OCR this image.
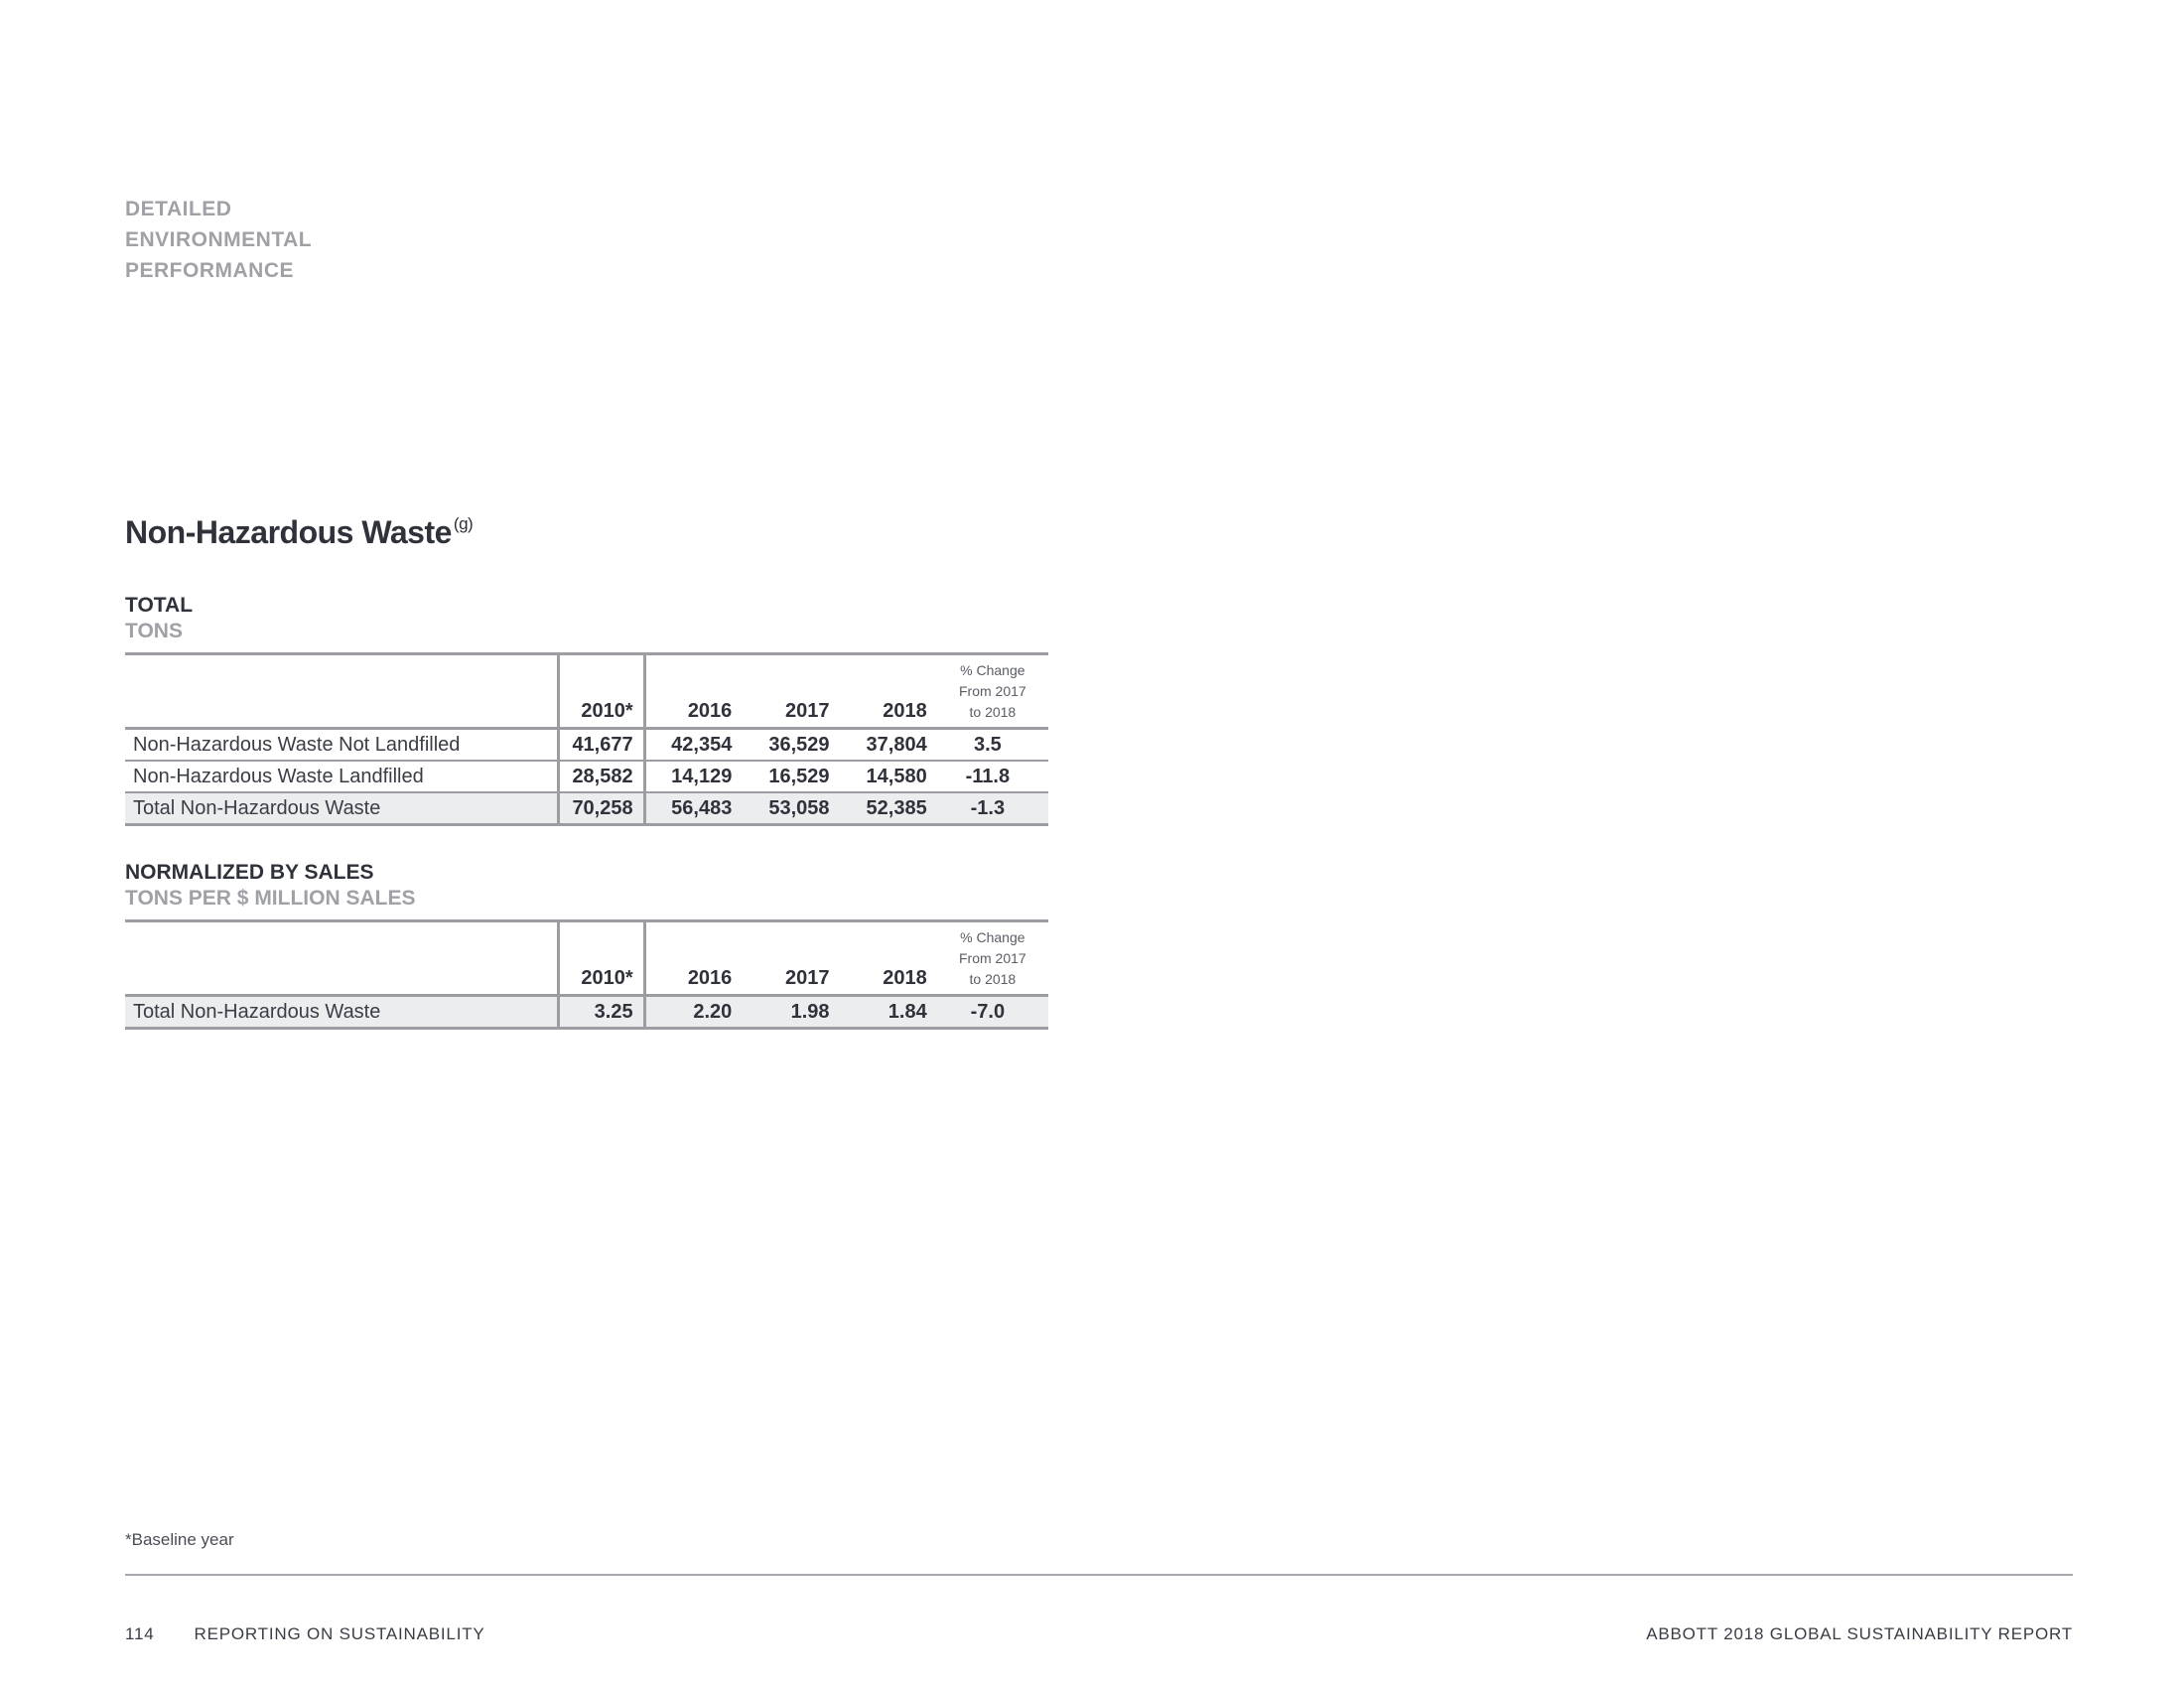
DETAILED
ENVIRONMENTAL
PERFORMANCE
Non-Hazardous Waste $^{(g)}$
TOTAL
TONS
	2010*	2016	2017	2018	% Change
From 2017
to 2018

Non-Hazardous Waste Not Landfilled	41,677	42,354	36,529	37,804	3.5
Non-Hazardous Waste Landfilled	28,582	14,129	16,529	14,580	-11.8
Total Non-Hazardous Waste	70,258	56,483	53,058	52,385	-1.3
NORMALIZED BY SALES
TONS PER $ MILLION SALES
	2010*	2016	2017	2018	% Change
From 2017
to 2018

Total Non-Hazardous Waste	3.25	2.20	1.98	1.84	-7.0
*Baseline year
114 REPORTING ON SUSTAINABILITY	ABBOTT 2018 GLOBAL SUSTAINABILITY REPORT
